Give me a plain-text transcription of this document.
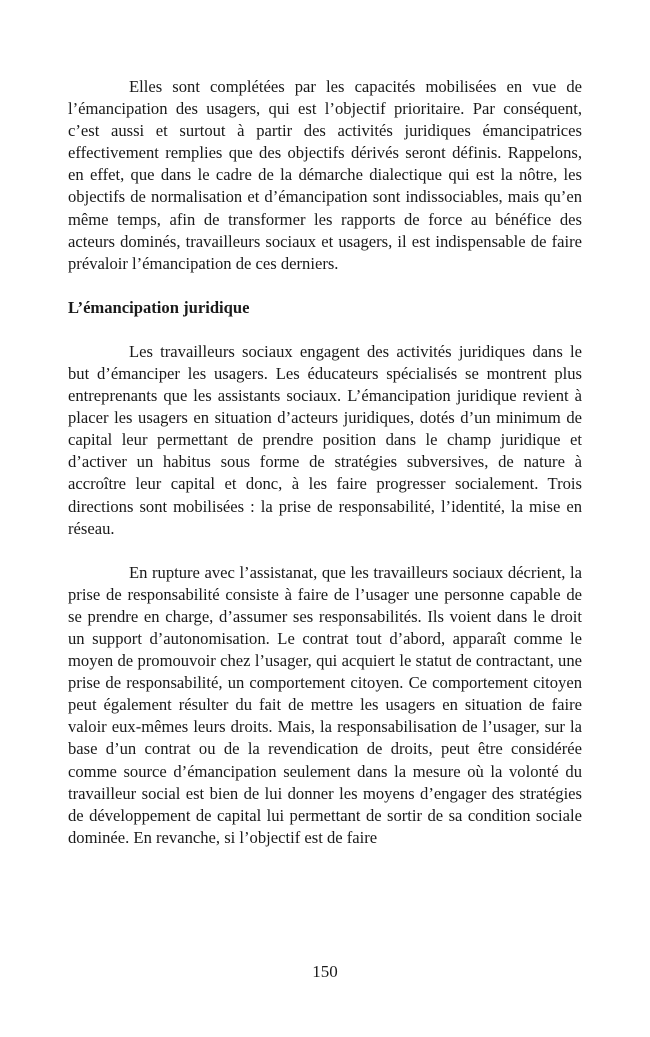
Elles sont complétées par les capacités mobilisées en vue de l’émancipation des usagers, qui est l’objectif prioritaire. Par conséquent, c’est aussi et surtout à partir des activités juridiques émancipatrices effectivement remplies que des objectifs dérivés seront définis. Rappelons, en effet, que dans le cadre de la démarche dialectique qui est la nôtre, les objectifs de normalisation et d’émancipation sont indissociables, mais qu’en même temps, afin de transformer les rapports de force au bénéfice des acteurs dominés, travailleurs sociaux et usagers, il est indispensable de faire prévaloir l’émancipation de ces derniers.

L’émancipation juridique

Les travailleurs sociaux engagent des activités juridiques dans le but d’émanciper les usagers. Les éducateurs spécialisés se montrent plus entreprenants que les assistants sociaux. L’émancipation juridique revient à placer les usagers en situation d’acteurs juridiques, dotés d’un minimum de capital leur permettant de prendre position dans le champ juridique et d’activer un habitus sous forme de stratégies subversives, de nature à accroître leur capital et donc, à les faire progresser socialement. Trois directions sont mobilisées : la prise de responsabilité, l’identité, la mise en réseau.

En rupture avec l’assistanat, que les travailleurs sociaux décrient, la prise de responsabilité consiste à faire de l’usager une personne capable de se prendre en charge, d’assumer ses responsabilités. Ils voient dans le droit un support d’autonomisation. Le contrat tout d’abord, apparaît comme le moyen de promouvoir chez l’usager, qui acquiert le statut de contractant, une prise de responsabilité, un comportement citoyen. Ce comportement citoyen peut également résulter du fait de mettre les usagers en situation de faire valoir eux-mêmes leurs droits. Mais, la responsabilisation de l’usager, sur la base d’un contrat ou de la revendication de droits, peut être considérée comme source d’émancipation seulement dans la mesure où la volonté du travailleur social est bien de lui donner les moyens d’engager des stratégies de développement de capital lui permettant de sortir de sa condition sociale dominée. En revanche, si l’objectif est de faire

150
